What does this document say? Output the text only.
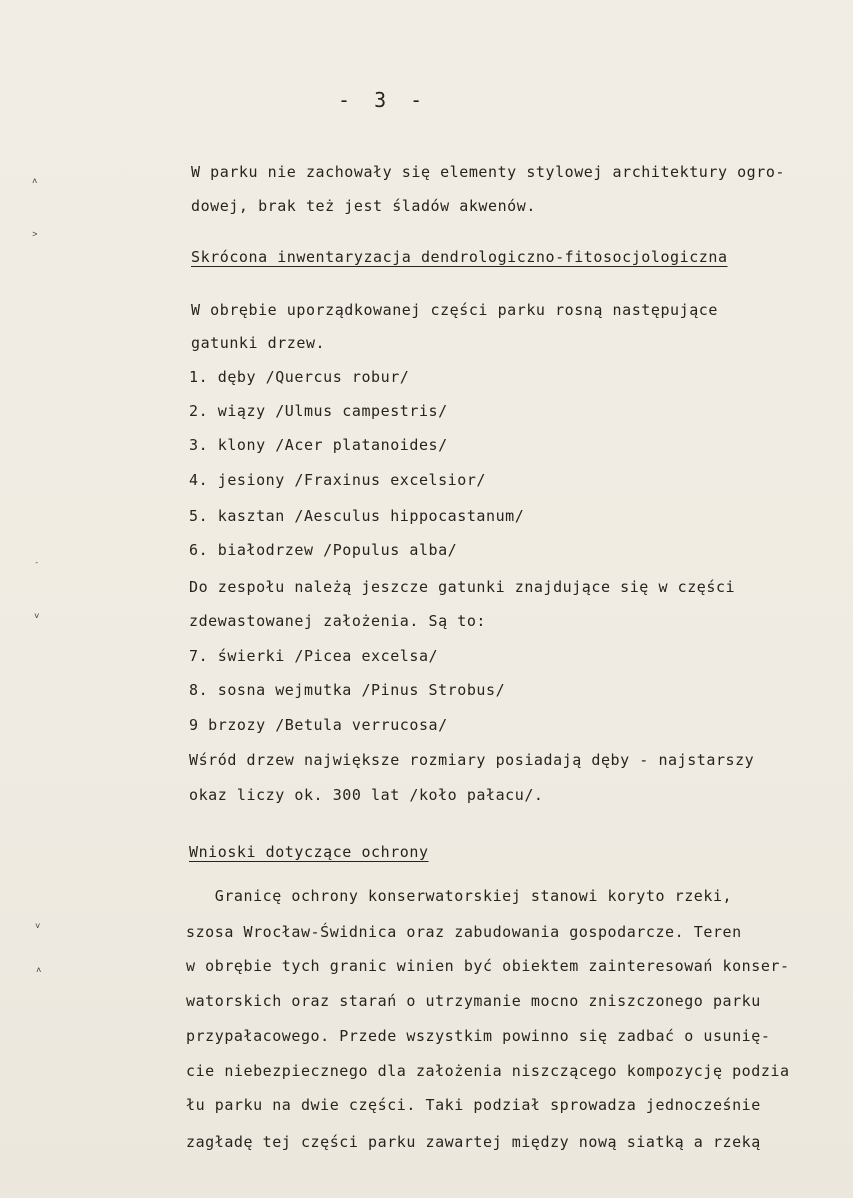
- 3 -
˄
˃
˗
˅
˅
˄
W parku nie zachowały się elementy stylowej architektury ogro-
dowej, brak też jest śladów akwenów.
Skrócona inwentaryzacja dendrologiczno-fitosocjologiczna
W obrębie uporządkowanej części parku rosną następujące
gatunki drzew.
1. dęby /Quercus robur/
2. wiązy /Ulmus campestris/
3. klony /Acer platanoides/
4. jesiony /Fraxinus excelsior/
5. kasztan /Aesculus hippocastanum/
6. białodrzew /Populus alba/
Do zespołu należą jeszcze gatunki znajdujące się w części
zdewastowanej założenia. Są to:
7. świerki /Picea excelsa/
8. sosna wejmutka /Pinus Strobus/
9 brzozy /Betula verrucosa/
Wśród drzew największe rozmiary posiadają dęby - najstarszy
okaz liczy ok. 300 lat /koło pałacu/.
Wnioski dotyczące ochrony
Granicę ochrony konserwatorskiej stanowi koryto rzeki,
szosa Wrocław-Świdnica oraz zabudowania gospodarcze. Teren
w obrębie tych granic winien być obiektem zainteresowań konser-
watorskich oraz starań o utrzymanie mocno zniszczonego parku
przypałacowego. Przede wszystkim powinno się zadbać o usunię-
cie niebezpiecznego dla założenia niszczącego kompozycję podzia
łu parku na dwie części. Taki podział sprowadza jednocześnie
zagładę tej części parku zawartej między nową siatką a rzeką
